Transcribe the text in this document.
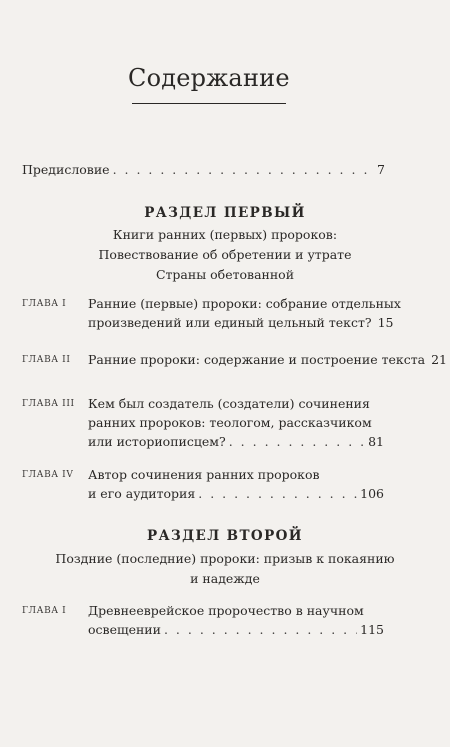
Содержание
Предисловие . . .	7
РАЗДЕЛ ПЕРВЫЙ
Книги ранних (первых) пророков:
Повествование об обретении и утрате
Страны обетованной
ГЛАВА I Ранние (первые) пророки: собрание отдельных
произведений или единый цельный текст? 15
ГЛАВА II Ранние пророки: содержание и построение текста 21
ГЛАВА III Кем был создатель (создатели) сочинения
ранних пророков: теологом, рассказчиком
или историописцем? . . .	81
ГЛАВА IV Автор сочинения ранних пророков
и его аудитория . . .	106
РАЗДЕЛ ВТОРОЙ
Поздние (последние) пророки: призыв к покаянию
и надежде
ГЛАВА I Древнееврейское пророчество в научном
освещении . . .	115
